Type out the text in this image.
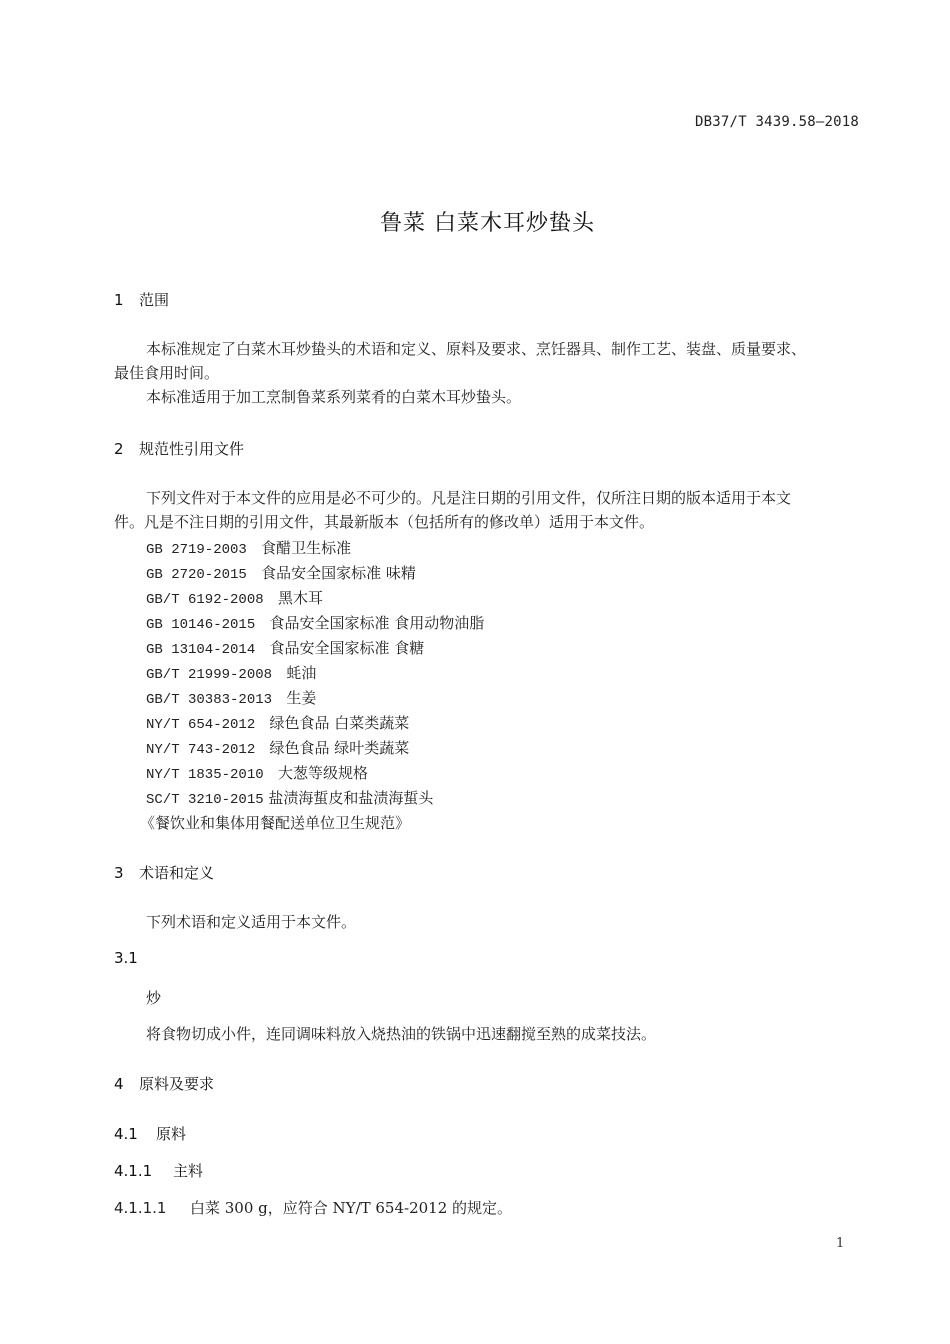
DB37/T 3439.58—2018
鲁菜 白菜木耳炒蛰头
1 范围
本标准规定了白菜木耳炒蛰头的术语和定义、原料及要求、烹饪器具、制作工艺、装盘、质量要求、
最佳食用时间。
本标准适用于加工烹制鲁菜系列菜肴的白菜木耳炒蛰头。
2 规范性引用文件
下列文件对于本文件的应用是必不可少的。凡是注日期的引用文件，仅所注日期的版本适用于本文
件。凡是不注日期的引用文件，其最新版本（包括所有的修改单）适用于本文件。
GB 2719-2003 食醋卫生标准
GB 2720-2015 食品安全国家标准 味精
GB/T 6192-2008 黑木耳
GB 10146-2015 食品安全国家标准 食用动物油脂
GB 13104-2014 食品安全国家标准 食糖
GB/T 21999-2008 蚝油
GB/T 30383-2013 生姜
NY/T 654-2012 绿色食品 白菜类蔬菜
NY/T 743-2012 绿色食品 绿叶类蔬菜
NY/T 1835-2010 大葱等级规格
SC/T 3210-2015 盐渍海蜇皮和盐渍海蜇头
《餐饮业和集体用餐配送单位卫生规范》
3 术语和定义
下列术语和定义适用于本文件。
3.1
炒
将食物切成小件，连同调味料放入烧热油的铁锅中迅速翻搅至熟的成菜技法。
4 原料及要求
4.1 原料
4.1.1 主料
4.1.1.1 白菜 300 g，应符合 NY/T 654-2012 的规定。
1
